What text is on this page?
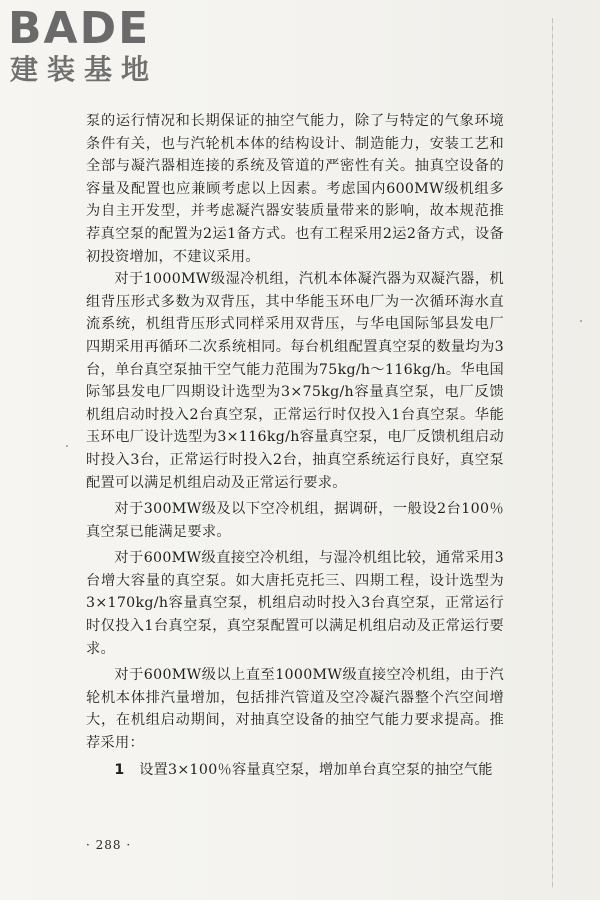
BADE
建装基地

泵的运行情况和长期保证的抽空气能力，除了与特定的气象环境条件有关，也与汽轮机本体的结构设计、制造能力，安装工艺和全部与凝汽器相连接的系统及管道的严密性有关。抽真空设备的容量及配置也应兼顾考虑以上因素。考虑国内600MW级机组多为自主开发型，并考虑凝汽器安装质量带来的影响，故本规范推荐真空泵的配置为2运1备方式。也有工程采用2运2备方式，设备初投资增加，不建议采用。

对于1000MW级湿冷机组，汽机本体凝汽器为双凝汽器，机组背压形式多数为双背压，其中华能玉环电厂为一次循环海水直流系统，机组背压形式同样采用双背压，与华电国际邹县发电厂四期采用再循环二次系统相同。每台机组配置真空泵的数量均为3台，单台真空泵抽干空气能力范围为75kg/h～116kg/h。华电国际邹县发电厂四期设计选型为3×75kg/h容量真空泵，电厂反馈机组启动时投入2台真空泵，正常运行时仅投入1台真空泵。华能玉环电厂设计选型为3×116kg/h容量真空泵，电厂反馈机组启动时投入3台，正常运行时投入2台，抽真空系统运行良好，真空泵配置可以满足机组启动及正常运行要求。

对于300MW级及以下空冷机组，据调研，一般设2台100％真空泵已能满足要求。

对于600MW级直接空冷机组，与湿冷机组比较，通常采用3台增大容量的真空泵。如大唐托克托三、四期工程，设计选型为3×170kg/h容量真空泵，机组启动时投入3台真空泵，正常运行时仅投入1台真空泵，真空泵配置可以满足机组启动及正常运行要求。

对于600MW级以上直至1000MW级直接空冷机组，由于汽轮机本体排汽量增加，包括排汽管道及空冷凝汽器整个汽空间增大，在机组启动期间，对抽真空设备的抽空气能力要求提高。推荐采用：

1　 设置3×100％容量真空泵，增加单台真空泵的抽空气能

· 288 ·
